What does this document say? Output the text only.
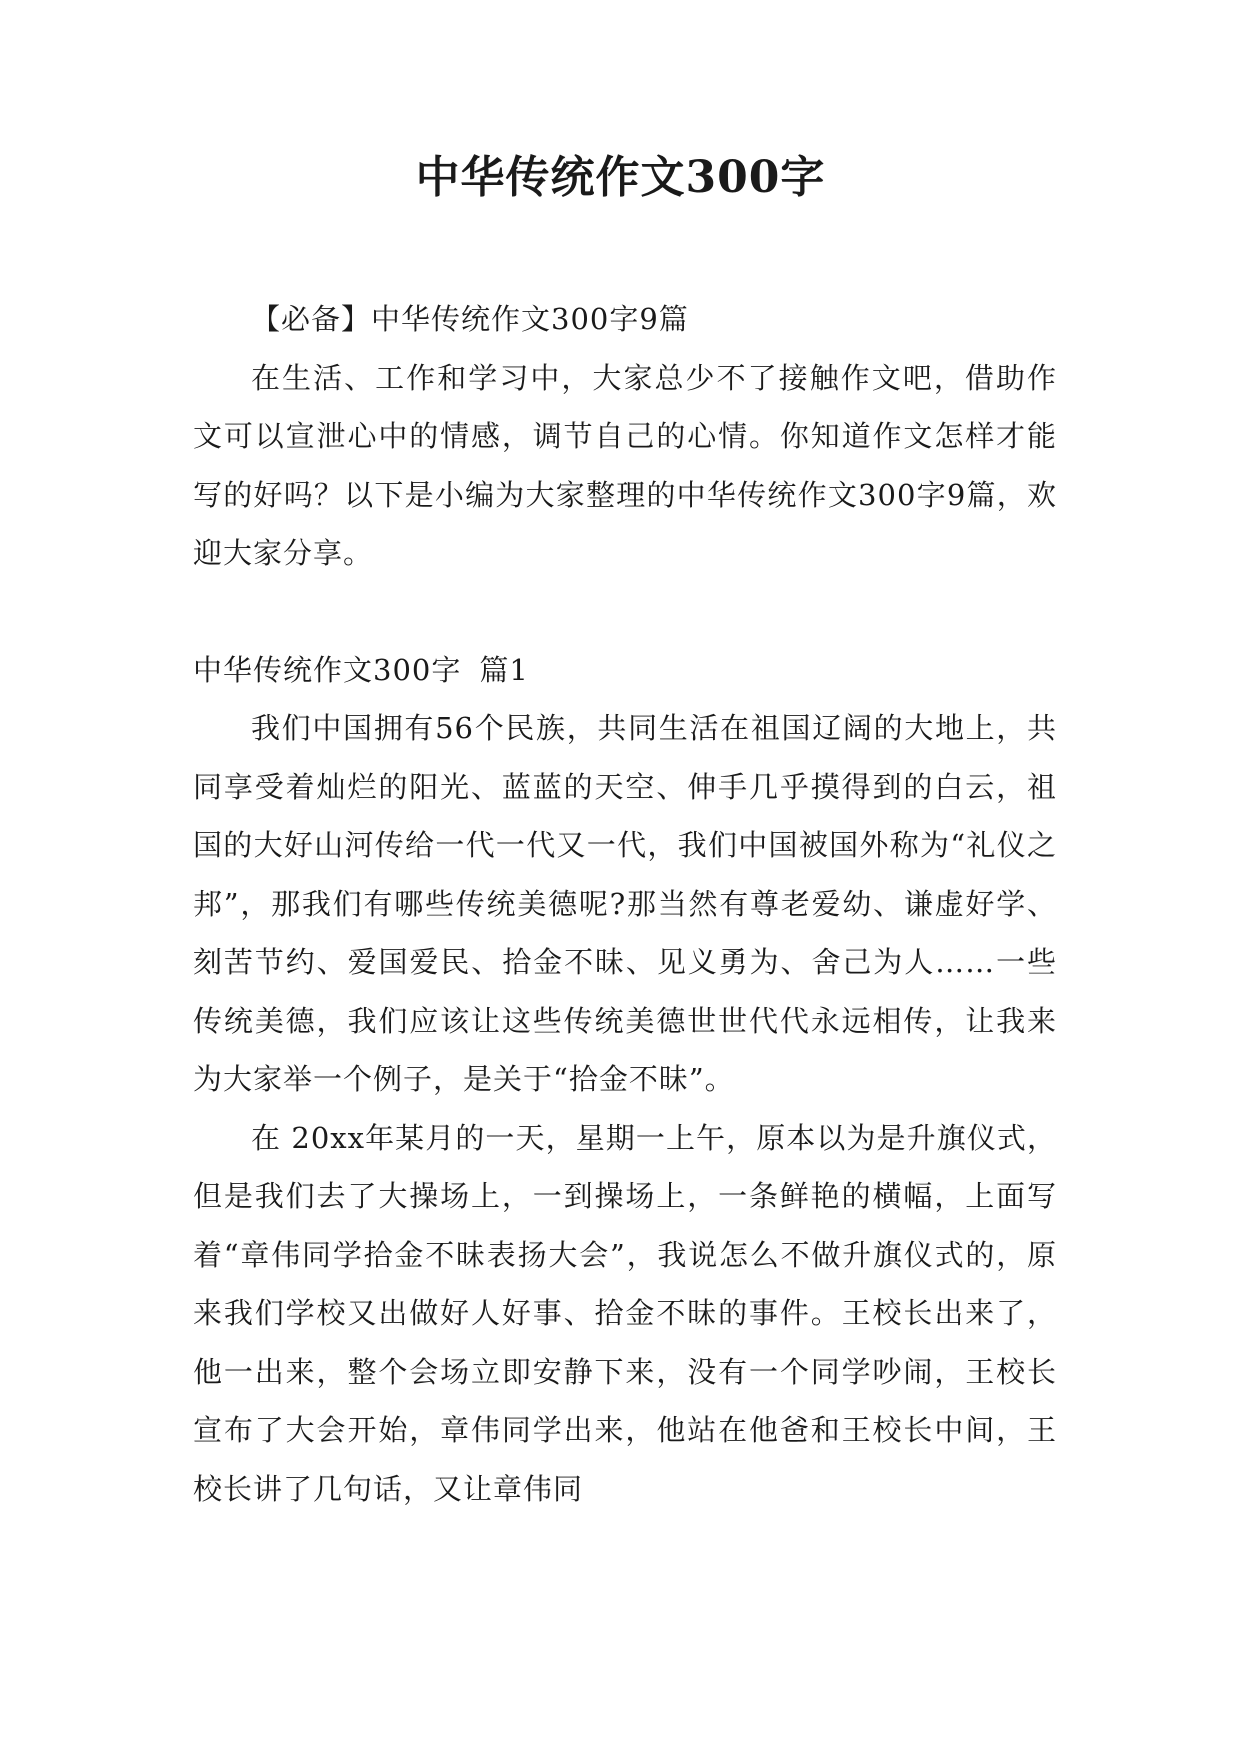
中华传统作文300字

【必备】中华传统作文300字9篇

在生活、工作和学习中，大家总少不了接触作文吧，借助作文可以宣泄心中的情感，调节自己的心情。你知道作文怎样才能写的好吗？以下是小编为大家整理的中华传统作文300字9篇，欢迎大家分享。

中华传统作文300字 篇1

我们中国拥有56个民族，共同生活在祖国辽阔的大地上，共同享受着灿烂的阳光、蓝蓝的天空、伸手几乎摸得到的白云，祖国的大好山河传给一代一代又一代，我们中国被国外称为“礼仪之邦”，那我们有哪些传统美德呢?那当然有尊老爱幼、谦虚好学、刻苦节约、爱国爱民、拾金不昧、见义勇为、舍己为人……一些传统美德，我们应该让这些传统美德世世代代永远相传，让我来为大家举一个例子，是关于“拾金不昧”。

在 20xx年某月的一天，星期一上午，原本以为是升旗仪式，但是我们去了大操场上，一到操场上，一条鲜艳的横幅，上面写着“章伟同学拾金不昧表扬大会”，我说怎么不做升旗仪式的，原来我们学校又出做好人好事、拾金不昧的事件。王校长出来了，他一出来，整个会场立即安静下来，没有一个同学吵闹，王校长宣布了大会开始，章伟同学出来，他站在他爸和王校长中间，王校长讲了几句话，又让章伟同
